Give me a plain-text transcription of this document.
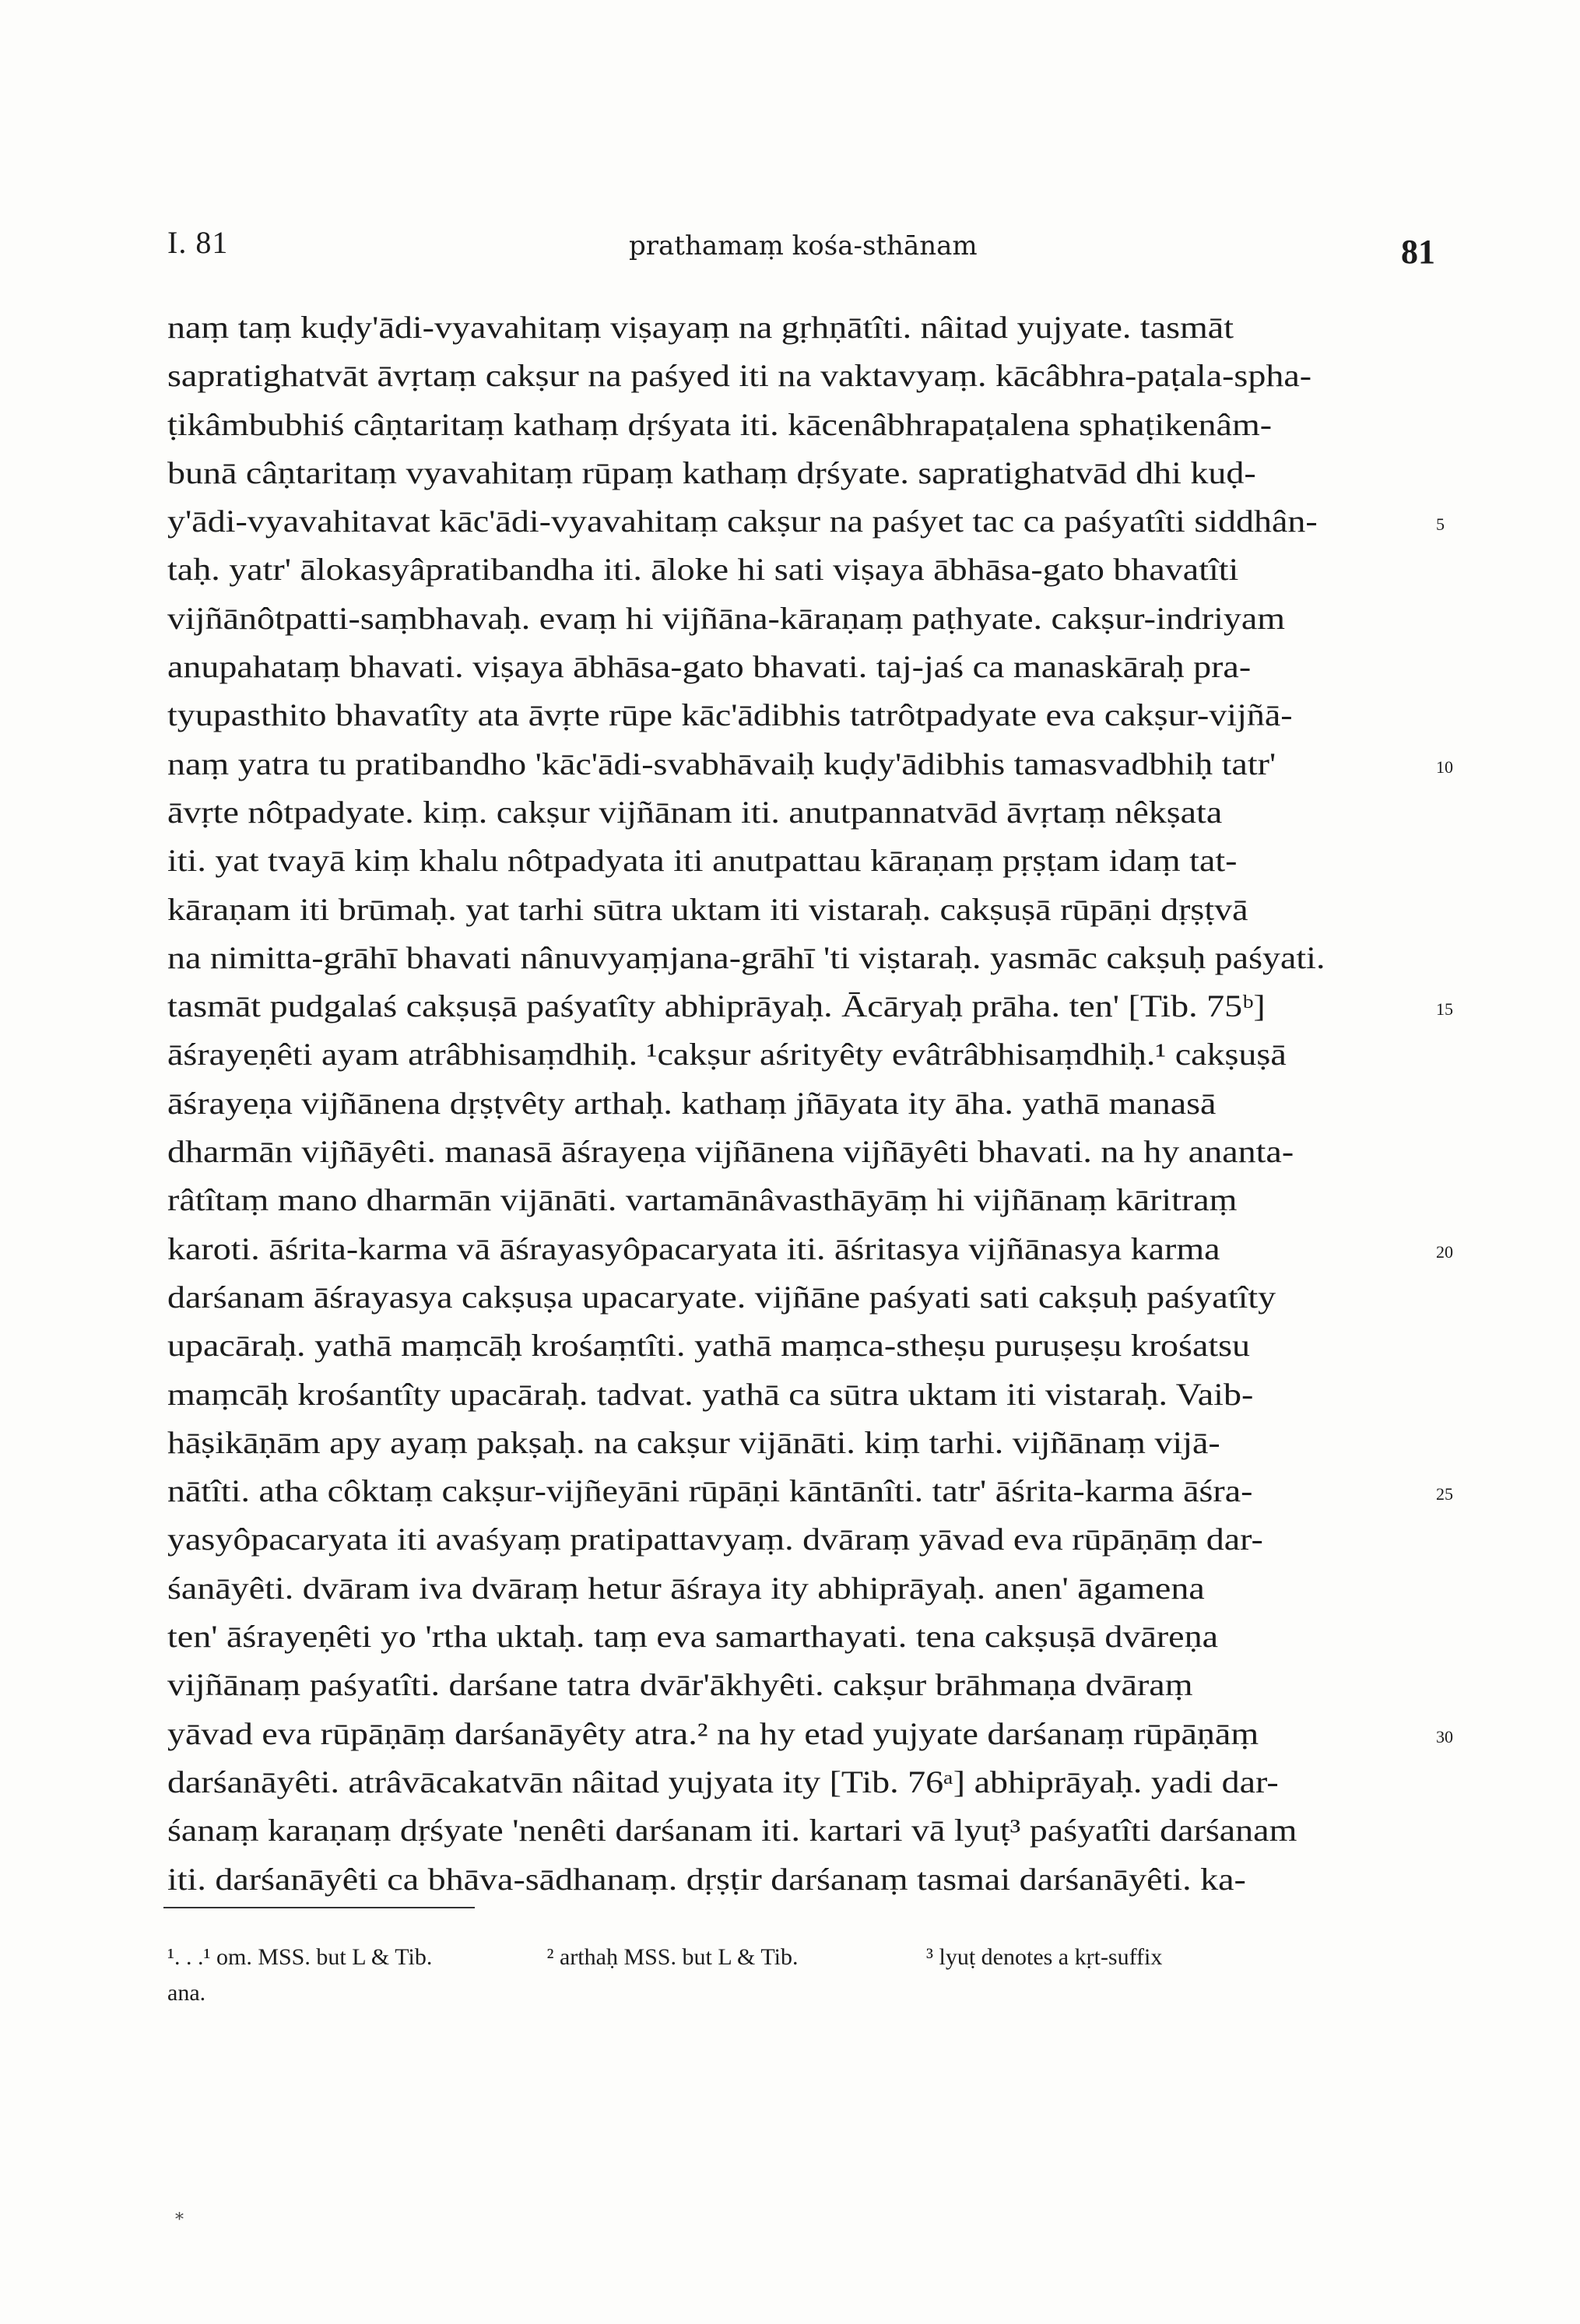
I. 81	prathamaṃ kośa-sthānam	81
naṃ taṃ kuḍy'ādi-vyavahitaṃ viṣayaṃ na gṛhṇātîti. nâitad yujyate. tasmāt
sapratighatvāt āvṛtaṃ cakṣur na paśyed iti na vaktavyaṃ. kācâbhra-paṭala-spha-
ṭikâmbubhiś câṇtaritaṃ kathaṃ dṛśyata iti. kācenâbhrapaṭalena sphaṭikenâm-
bunā câṇtaritaṃ vyavahitaṃ rūpaṃ kathaṃ dṛśyate. sapratighatvād dhi kuḍ-
y'ādi-vyavahitavat kāc'ādi-vyavahitaṃ cakṣur na paśyet tac ca paśyatîti siddhân-	5
taḥ. yatr' ālokasyâpratibandha iti. āloke hi sati viṣaya ābhāsa-gato bhavatîti
vijñānôtpatti-saṃbhavaḥ. evaṃ hi vijñāna-kāraṇaṃ paṭhyate. cakṣur-indriyam
anupahataṃ bhavati. viṣaya ābhāsa-gato bhavati. taj-jaś ca manaskāraḥ pra-
tyupasthito bhavatîty ata āvṛte rūpe kāc'ādibhis tatrôtpadyate eva cakṣur-vijñā-
naṃ yatra tu pratibandho 'kāc'ādi-svabhāvaiḥ kuḍy'ādibhis tamasvadbhiḥ tatr'	10
āvṛte nôtpadyate. kiṃ. cakṣur vijñānam iti. anutpannatvād āvṛtaṃ nêkṣata
iti. yat tvayā kiṃ khalu nôtpadyata iti anutpattau kāraṇaṃ pṛṣṭam idaṃ tat-
kāraṇam iti brūmaḥ. yat tarhi sūtra uktam iti vistaraḥ. cakṣuṣā rūpāṇi dṛṣṭvā
na nimitta-grāhī bhavati nânuvyaṃjana-grāhī 'ti viṣtaraḥ. yasmāc cakṣuḥ paśyati.
tasmāt pudgalaś cakṣuṣā paśyatîty abhiprāyaḥ. Ācāryaḥ prāha. ten' [Tib. 75ᵇ]	15
āśrayeṇêti ayam atrâbhisaṃdhiḥ. ¹cakṣur aśrityêty evâtrâbhisaṃdhiḥ.¹ cakṣuṣā
āśrayeṇa vijñānena dṛṣṭvêty arthaḥ. kathaṃ jñāyata ity āha. yathā manasā
dharmān vijñāyêti. manasā āśrayeṇa vijñānena vijñāyêti bhavati. na hy ananta-
râtîtaṃ mano dharmān vijānāti. vartamānâvasthāyāṃ hi vijñānaṃ kāritraṃ
karoti. āśrita-karma vā āśrayasyôpacaryata iti. āśritasya vijñānasya karma	20
darśanam āśrayasya cakṣuṣa upacaryate. vijñāne paśyati sati cakṣuḥ paśyatîty
upacāraḥ. yathā maṃcāḥ krośaṃtîti. yathā maṃca-stheṣu puruṣeṣu krośatsu
maṃcāḥ krośantîty upacāraḥ. tadvat. yathā ca sūtra uktam iti vistaraḥ. Vaib-
hāṣikāṇām apy ayaṃ pakṣaḥ. na cakṣur vijānāti. kiṃ tarhi. vijñānaṃ vijā-
nātîti. atha côktaṃ cakṣur-vijñeyāni rūpāṇi kāntānîti. tatr' āśrita-karma āśra-	25
yasyôpacaryata iti avaśyaṃ pratipattavyaṃ. dvāraṃ yāvad eva rūpāṇāṃ dar-
śanāyêti. dvāram iva dvāraṃ hetur āśraya ity abhiprāyaḥ. anen' āgamena
ten' āśrayeṇêti yo 'rtha uktaḥ. taṃ eva samarthayati. tena cakṣuṣā dvāreṇa
vijñānaṃ paśyatîti. darśane tatra dvār'ākhyêti. cakṣur brāhmaṇa dvāraṃ
yāvad eva rūpāṇāṃ darśanāyêty atra.² na hy etad yujyate darśanaṃ rūpāṇāṃ	30
darśanāyêti. atrâvācakatvān nâitad yujyata ity [Tib. 76ᵃ] abhiprāyaḥ. yadi dar-
śanaṃ karaṇaṃ dṛśyate 'nenêti darśanam iti. kartari vā lyuṭ³ paśyatîti darśanam
iti. darśanāyêti ca bhāva-sādhanaṃ. dṛṣṭir darśanaṃ tasmai darśanāyêti. ka-
¹. . .¹ om. MSS. but L & Tib.	² arthaḥ MSS. but L & Tib.	³ lyuṭ denotes a kṛt-suffix
ana.
*
